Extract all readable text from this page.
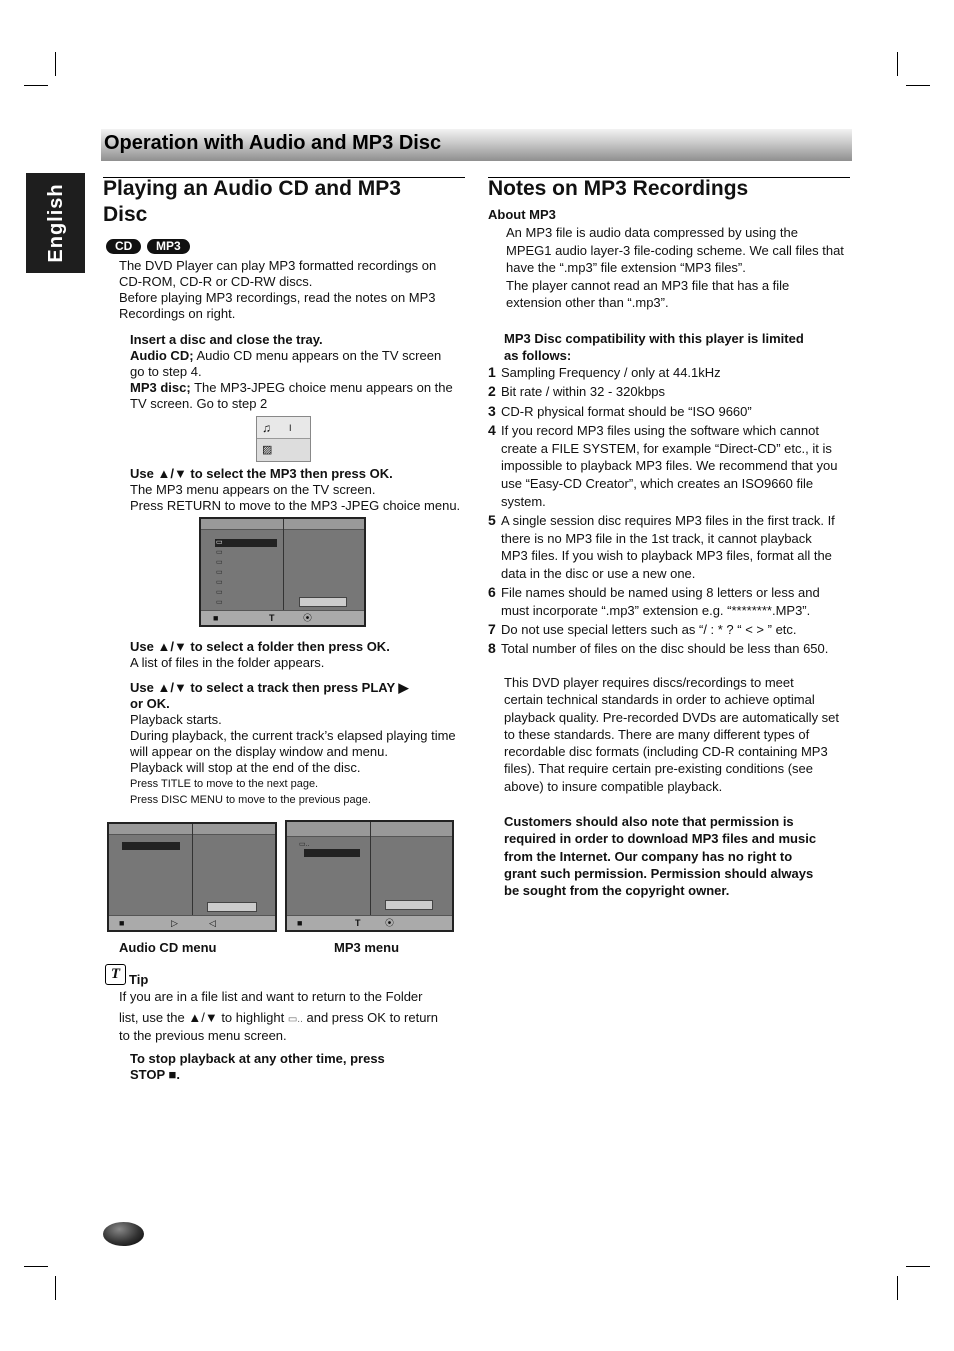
Operation with Audio and MP3 Disc
English Playing an Audio CD and MP3
Disc
CD MP3
The DVD Player can play MP3 formatted recordings on
CD-ROM, CD-R or CD-RW discs.
Before playing MP3 recordings, read the notes on MP3
Recordings on right.
Insert a disc and close the tray.
Audio CD; Audio CD menu appears on the TV screen
go to step 4.
MP3 disc; The MP3-JPEG choice menu appears on the
TV screen. Go to step 2
♫ I
▨
Use ▲/▼ to select the MP3 then press OK.
The MP3 menu appears on the TV screen.
Press RETURN to move to the MP3 -JPEG choice menu.
▭
▭
▭
▭
▭
▭
▭
■	T	⦿
Use ▲/▼ to select a folder then press OK.
A list of files in the folder appears.
Use ▲/▼ to select a track then press PLAY ▶
or OK.
Playback starts.
During playback, the current track’s elapsed playing time
will appear on the display window and menu.
Playback will stop at the end of the disc.
Press TITLE to move to the next page.
Press DISC MENU to move to the previous page.
■	▷	◁
▭..
■	T	⦿
Audio CD menu	MP3 menu
T Tip
If you are in a file list and want to return to the Folder
list, use the ▲/▼ to highlight ▭.. and press OK to return
to the previous menu screen.
To stop playback at any other time, press
STOP ■.
Notes on MP3 Recordings
About MP3
An MP3 file is audio data compressed by using the
MPEG1 audio layer-3 file-coding scheme. We call files that
have the “.mp3” file extension “MP3 files”.
The player cannot read an MP3 file that has a file
extension other than “.mp3”.
MP3 Disc compatibility with this player is limited
as follows:
1 Sampling Frequency / only at 44.1kHz
2 Bit rate / within 32 - 320kbps
3 CD-R physical format should be “ISO 9660”
4 If you record MP3 files using the software which cannot
create a FILE SYSTEM, for example “Direct-CD” etc., it is
impossible to playback MP3 files. We recommend that you
use “Easy-CD Creator”, which creates an ISO9660 file
system.
5 A single session disc requires MP3 files in the first track. If
there is no MP3 file in the 1st track, it cannot playback
MP3 files. If you wish to playback MP3 files, format all the
data in the disc or use a new one.
6 File names should be named using 8 letters or less and
must incorporate “.mp3” extension e.g. “********.MP3”.
7 Do not use special letters such as “/ : * ? “ < > ” etc.
8 Total number of files on the disc should be less than 650.
This DVD player requires discs/recordings to meet
certain technical standards in order to achieve optimal
playback quality. Pre-recorded DVDs are automatically set
to these standards. There are many different types of
recordable disc formats (including CD-R containing MP3
files). That require certain pre-existing conditions (see
above) to insure compatible playback.
Customers should also note that permission is
required in order to download MP3 files and music
from the Internet. Our company has no right to
grant such permission. Permission should always
be sought from the copyright owner.
